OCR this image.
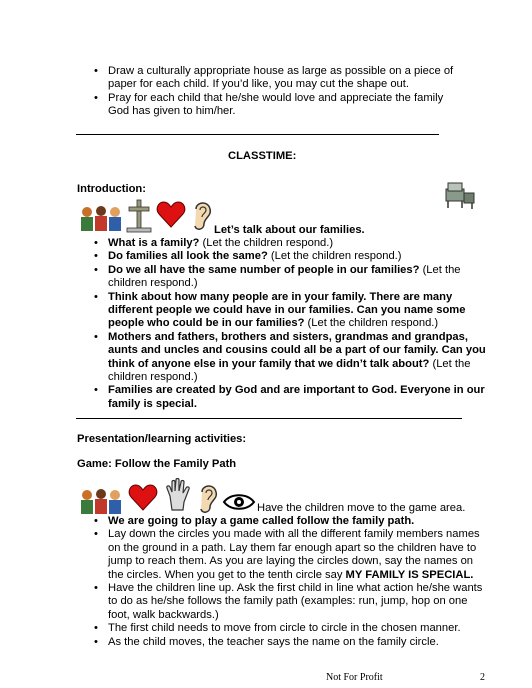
• Draw a culturally appropriate house as large as possible on a piece of
paper for each child. If you’d like, you may cut the shape out.
• Pray for each child that he/she would love and appreciate the family
God has given to him/her.
CLASSTIME:
Introduction:
Let’s talk about our families.
• What is a family? (Let the children respond.)
• Do families all look the same? (Let the children respond.)
• Do we all have the same number of people in our families? (Let the children respond.)
• Think about how many people are in your family. There are many different people we could have in our families. Can you name some people who could be in our families? (Let the children respond.)
• Mothers and fathers, brothers and sisters, grandmas and grandpas, aunts and uncles and cousins could all be a part of our family. Can you think of anyone else in your family that we didn’t talk about? (Let the children respond.)
• Families are created by God and are important to God. Everyone in our family is special.
Presentation/learning activities:
Game: Follow the Family Path
Have the children move to the game area.
• We are going to play a game called follow the family path.
• Lay down the circles you made with all the different family members names on the ground in a path. Lay them far enough apart so the children have to jump to reach them. As you are laying the circles down, say the names on the circles. When you get to the tenth circle say MY FAMILY IS SPECIAL.
• Have the children line up. Ask the first child in line what action he/she wants to do as he/she follows the family path (examples: run, jump, hop on one foot, walk backwards.)
• The first child needs to move from circle to circle in the chosen manner.
• As the child moves, the teacher says the name on the family circle.
Not For Profit	2
